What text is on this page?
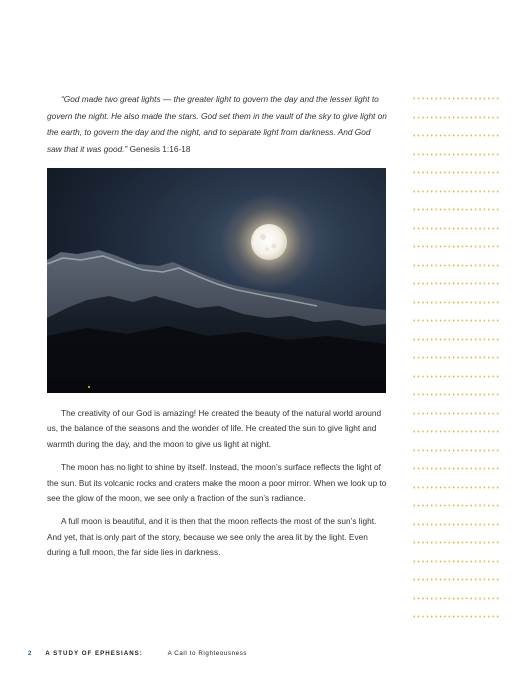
“God made two great lights — the greater light to govern the day and the lesser light to govern the night. He also made the stars. God set them in the vault of the sky to give light on the earth, to govern the day and the night, and to separate light from darkness. And God saw that it was good.” Genesis 1:16-18

The creativity of our God is amazing! He created the beauty of the natural world around us, the balance of the seasons and the wonder of life. He created the sun to give light and warmth during the day, and the moon to give us light at night.

The moon has no light to shine by itself. Instead, the moon’s surface reflects the light of the sun. But its volcanic rocks and craters make the moon a poor mirror. When we look up to see the glow of the moon, we see only a fraction of the sun’s radiance.

A full moon is beautiful, and it is then that the moon reflects the most of the sun’s light. And yet, that is only part of the story, because we see only the area lit by the light. Even during a full moon, the far side lies in darkness.

2 A STUDY OF EPHESIANS:	A Call to Righteousness
